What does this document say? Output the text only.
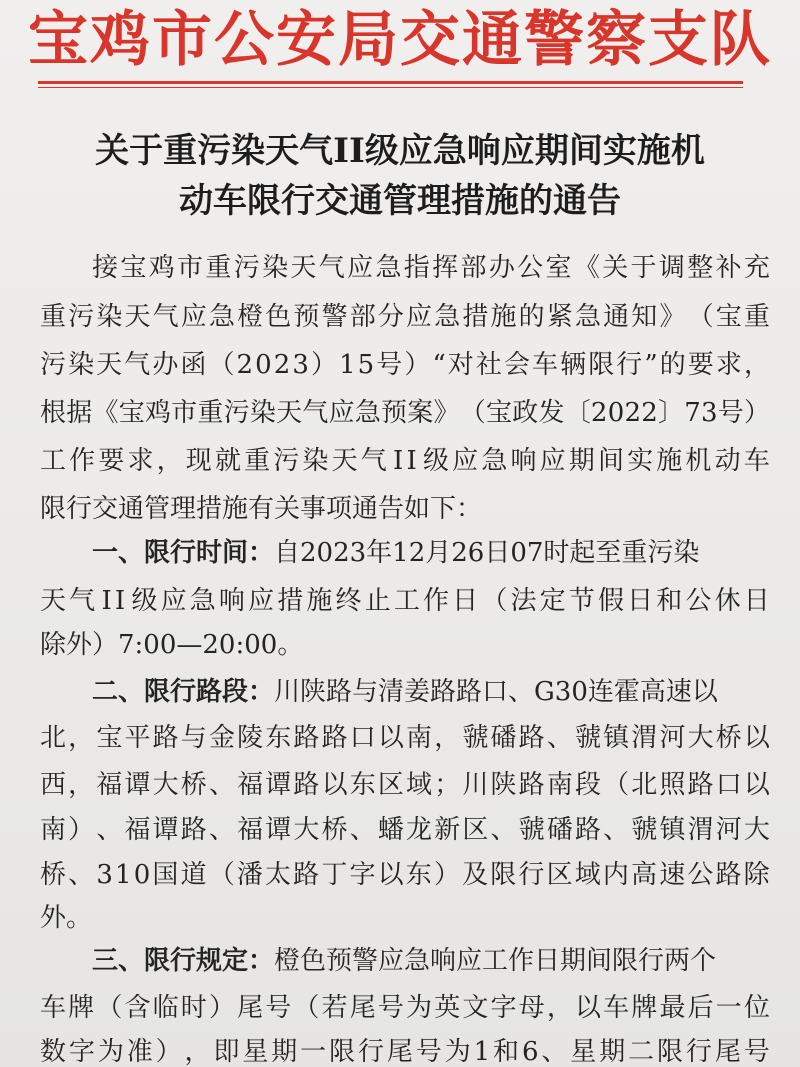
宝鸡市公安局交通警察支队
关于重污染天气II级应急响应期间实施机
动车限行交通管理措施的通告
接 宝 鸡 市 重 污 染 天 气 应 急 指 挥 部 办 公 室 《 关 于 调 整 补 充
重 污 染 天 气 应 急 橙 色 预 警 部 分 应 急 措 施 的 紧 急 通 知 》 （ 宝 重
污 染 天 气 办 函 （ 2 0 2 3 ） 1 5 号 ） “ 对 社 会 车 辆 限 行 ” 的 要 求 ，
根 据 《 宝 鸡 市 重 污 染 天 气 应 急 预 案 》 （ 宝 政 发 〔 2 0 2 2 〕 7 3 号 ）
工 作 要 求 ， 现 就 重 污 染 天 气 I I 级 应 急 响 应 期 间 实 施 机 动 车
限行交通管理措施有关事项通告如下：
一、限行时间： 自2023年12月26日07时起至重污染
天 气 I I 级 应 急 响 应 措 施 终 止 工 作 日 （ 法 定 节 假 日 和 公 休 日
除外）7:00—20:00。
二、限行路段： 川陕路与清姜路路口、G30连霍高速以
北 ， 宝 平 路 与 金 陵 东 路 路 口 以 南 ， 虢 磻 路 、 虢 镇 渭 河 大 桥 以
西 ， 福 谭 大 桥 、 福 谭 路 以 东 区 域 ； 川 陕 路 南 段 （ 北 照 路 口 以
南 ） 、 福 谭 路 、 福 谭 大 桥 、 蟠 龙 新 区 、 虢 磻 路 、 虢 镇 渭 河 大
桥 、 3 1 0 国 道 （ 潘 太 路 丁 字 以 东 ） 及 限 行 区 域 内 高 速 公 路 除
外。
三、限行规定： 橙色预警应急响应工作日期间限行两个
车 牌 （ 含 临 时 ） 尾 号 （ 若 尾 号 为 英 文 字 母 ， 以 车 牌 最 后 一 位
数 字 为 准 ） ， 即 星 期 一 限 行 尾 号 为 1 和 6 、 星 期 二 限 行 尾 号
